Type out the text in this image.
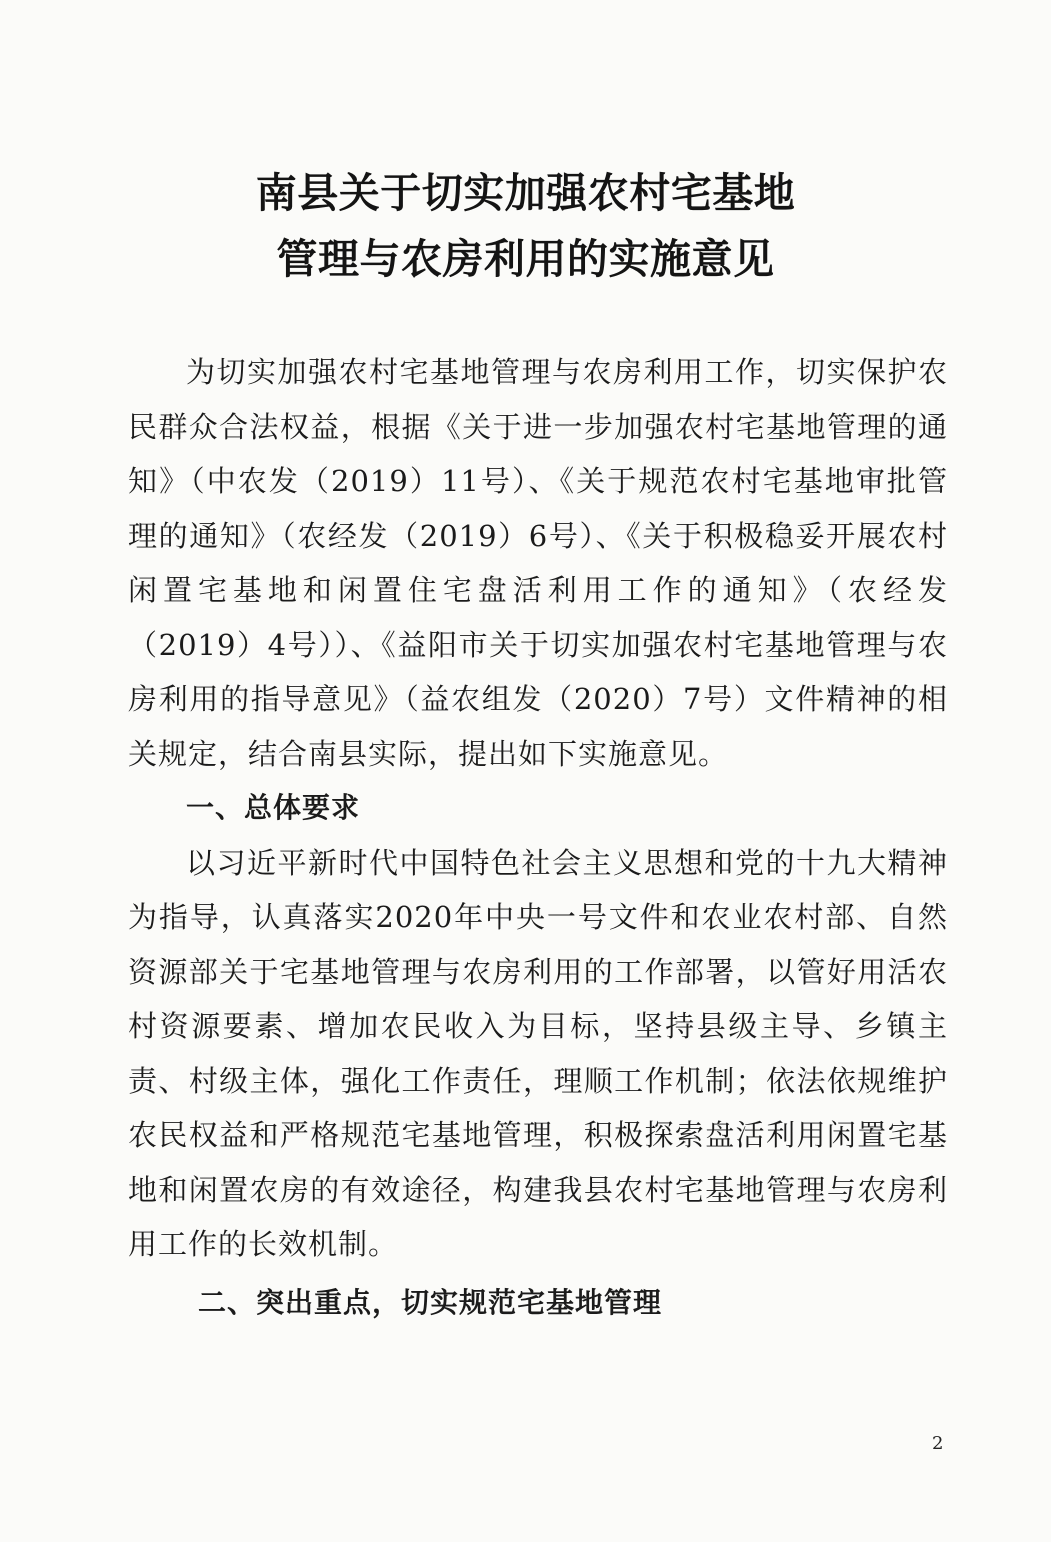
南县关于切实加强农村宅基地

管理与农房利用的实施意见

为切实加强农村宅基地管理与农房利用工作，切实保护农民群众合法权益，根据《关于进一步加强农村宅基地管理的通知》（中农发（2019）11号）、《关于规范农村宅基地审批管理的通知》（农经发（2019）6号）、《关于积极稳妥开展农村闲置宅基地和闲置住宅盘活利用工作的通知》（农经发（2019）4号））、《益阳市关于切实加强农村宅基地管理与农房利用的指导意见》（益农组发（2020）7号）文件精神的相关规定，结合南县实际，提出如下实施意见。

一、总体要求

以习近平新时代中国特色社会主义思想和党的十九大精神为指导，认真落实2020年中央一号文件和农业农村部、自然资源部关于宅基地管理与农房利用的工作部署，以管好用活农村资源要素、增加农民收入为目标，坚持县级主导、乡镇主责、村级主体，强化工作责任，理顺工作机制；依法依规维护农民权益和严格规范宅基地管理，积极探索盘活利用闲置宅基地和闲置农房的有效途径，构建我县农村宅基地管理与农房利用工作的长效机制。

二、突出重点，切实规范宅基地管理

2
